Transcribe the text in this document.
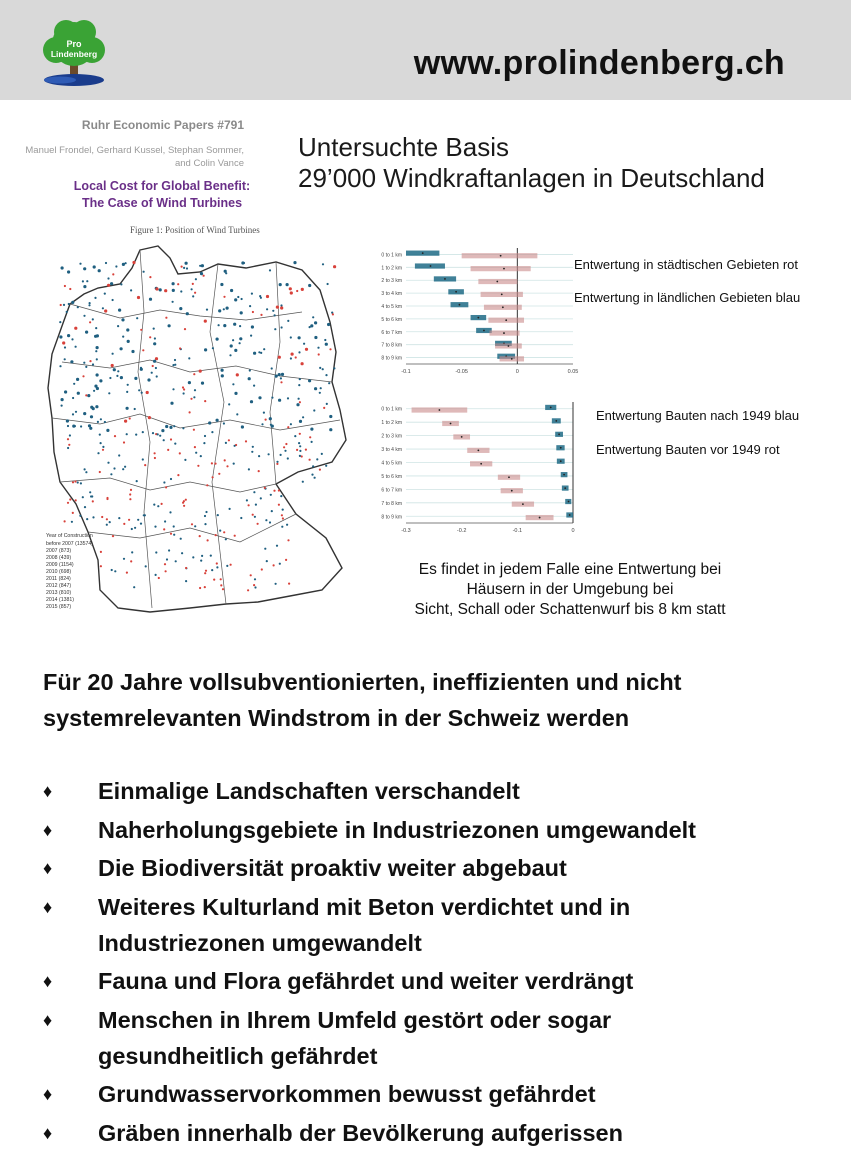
Pro
Lindenberg	www.prolindenberg.ch
Ruhr Economic Papers #791
Manuel Frondel, Gerhard Kussel, Stephan Sommer,
and Colin Vance
Local Cost for Global Benefit:
The Case of Wind Turbines
Figure 1: Position of Wind Turbines
Year of Construction
before 2007 (13574)
2007 (873)
2008 (439)
2009 (1154)
2010 (698)
2011 (824)
2012 (847)
2013 (810)
2014 (1381)
2015 (857)
Untersuchte Basis
29’000 Windkraftanlagen in Deutschland
0 to 1 km
1 to 2 km
2 to 3 km
3 to 4 km
4 to 5 km
5 to 6 km
6 to 7 km
7 to 8 km
8 to 9 km
-0.1	-0.05	0	0.05
0 to 1 km
1 to 2 km
2 to 3 km
3 to 4 km
4 to 5 km
5 to 6 km
6 to 7 km
7 to 8 km
8 to 9 km
-0.3	-0.2	-0.1	0
Entwertung in städtischen Gebieten rot
Entwertung in ländlichen Gebieten blau
Entwertung Bauten nach 1949 blau
Entwertung Bauten vor 1949 rot
Es findet in jedem Falle eine Entwertung bei
Häusern in der Umgebung bei
Sicht, Schall oder Schattenwurf bis 8 km statt
Für 20 Jahre vollsubventionierten, ineffizienten und nicht
systemrelevanten Windstrom in der Schweiz werden
♦	Einmalige Landschaften verschandelt
♦	Naherholungsgebiete in Industriezonen umgewandelt
♦	Die Biodiversität proaktiv weiter abgebaut
♦	Weiteres Kulturland mit Beton verdichtet und in
Industriezonen umgewandelt
♦	Fauna und Flora gefährdet und weiter verdrängt
♦	Menschen in Ihrem Umfeld gestört oder sogar
gesundheitlich gefährdet
♦	Grundwasservorkommen bewusst gefährdet
♦	Gräben innerhalb der Bevölkerung aufgerissen
